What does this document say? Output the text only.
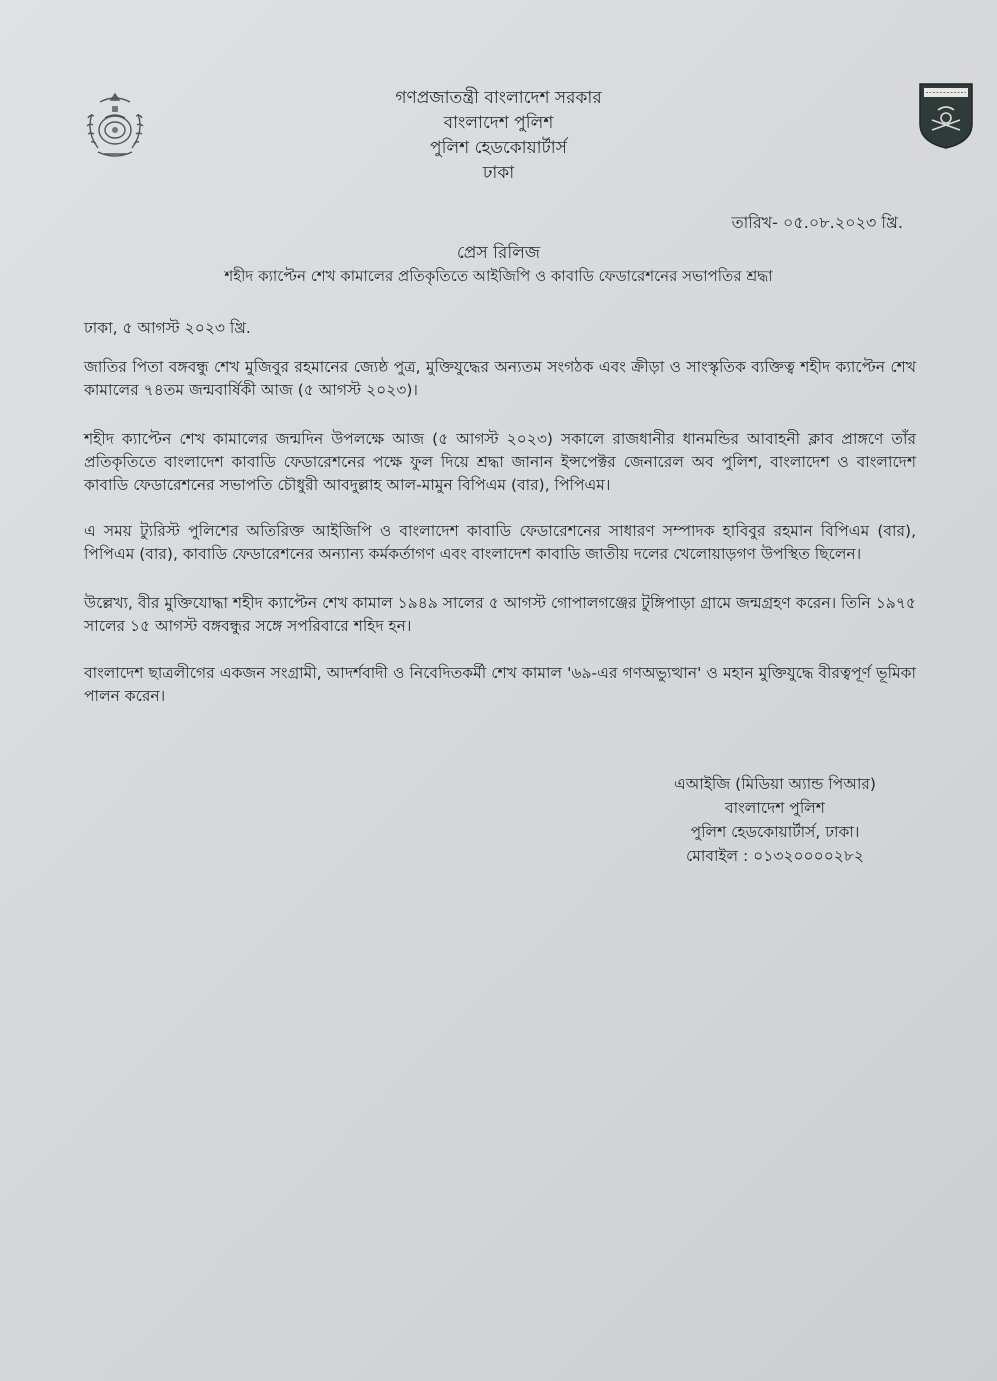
গণপ্রজাতন্ত্রী বাংলাদেশ সরকার
বাংলাদেশ পুলিশ
পুলিশ হেডকোয়ার্টার্স
ঢাকা
তারিখ- ০৫.০৮.২০২৩ খ্রি.
প্রেস রিলিজ
শহীদ ক্যাপ্টেন শেখ কামালের প্রতিকৃতিতে আইজিপি ও কাবাডি ফেডারেশনের সভাপতির শ্রদ্ধা
ঢাকা, ৫ আগস্ট ২০২৩ খ্রি.
জাতির পিতা বঙ্গবন্ধু শেখ মুজিবুর রহমানের জ্যেষ্ঠ পুত্র, মুক্তিযুদ্ধের অন্যতম সংগঠক এবং ক্রীড়া ও সাংস্কৃতিক ব্যক্তিত্ব শহীদ ক্যাপ্টেন শেখ কামালের ৭৪তম জন্মবার্ষিকী আজ (৫ আগস্ট ২০২৩)।
শহীদ ক্যাপ্টেন শেখ কামালের জন্মদিন উপলক্ষে আজ (৫ আগস্ট ২০২৩) সকালে রাজধানীর ধানমন্ডির আবাহনী ক্লাব প্রাঙ্গণে তাঁর প্রতিকৃতিতে বাংলাদেশ কাবাডি ফেডারেশনের পক্ষে ফুল দিয়ে শ্রদ্ধা জানান ইন্সপেক্টর জেনারেল অব পুলিশ, বাংলাদেশ ও বাংলাদেশ কাবাডি ফেডারেশনের সভাপতি চৌধুরী আবদুল্লাহ আল-মামুন বিপিএম (বার), পিপিএম।
এ সময় ট্যুরিস্ট পুলিশের অতিরিক্ত আইজিপি ও বাংলাদেশ কাবাডি ফেডারেশনের সাধারণ সম্পাদক হাবিবুর রহমান বিপিএম (বার), পিপিএম (বার), কাবাডি ফেডারেশনের অন্যান্য কর্মকর্তাগণ এবং বাংলাদেশ কাবাডি জাতীয় দলের খেলোয়াড়গণ উপস্থিত ছিলেন।
উল্লেখ্য, বীর মুক্তিযোদ্ধা শহীদ ক্যাপ্টেন শেখ কামাল ১৯৪৯ সালের ৫ আগস্ট গোপালগঞ্জের টুঙ্গিপাড়া গ্রামে জন্মগ্রহণ করেন। তিনি ১৯৭৫ সালের ১৫ আগস্ট বঙ্গবন্ধুর সঙ্গে সপরিবারে শহিদ হন।
বাংলাদেশ ছাত্রলীগের একজন সংগ্রামী, আদর্শবাদী ও নিবেদিতকর্মী শেখ কামাল '৬৯-এর গণঅভ্যুত্থান' ও মহান মুক্তিযুদ্ধে বীরত্বপূর্ণ ভূমিকা পালন করেন।
এআইজি (মিডিয়া অ্যান্ড পিআর)
বাংলাদেশ পুলিশ
পুলিশ হেডকোয়ার্টার্স, ঢাকা।
মোবাইল : ০১৩২০০০০২৮২
